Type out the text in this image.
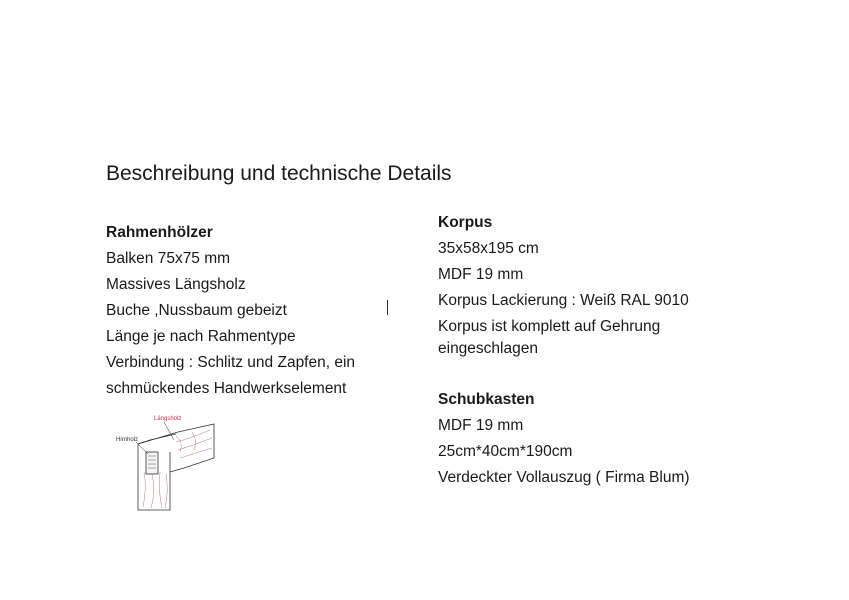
Beschreibung und technische Details
Rahmenhölzer
Balken 75x75 mm
Massives Längsholz
Buche ,Nussbaum gebeizt
Länge je nach Rahmentype
Verbindung : Schlitz und Zapfen, ein
schmückendes Handwerkselement
Korpus
35x58x195 cm
MDF 19 mm
Korpus Lackierung : Weiß RAL 9010
Korpus ist komplett auf Gehrung eingeschlagen
Schubkasten
MDF 19 mm
25cm*40cm*190cm
Verdeckter Vollauszug ( Firma Blum)
Längsholz
Hirnholz
